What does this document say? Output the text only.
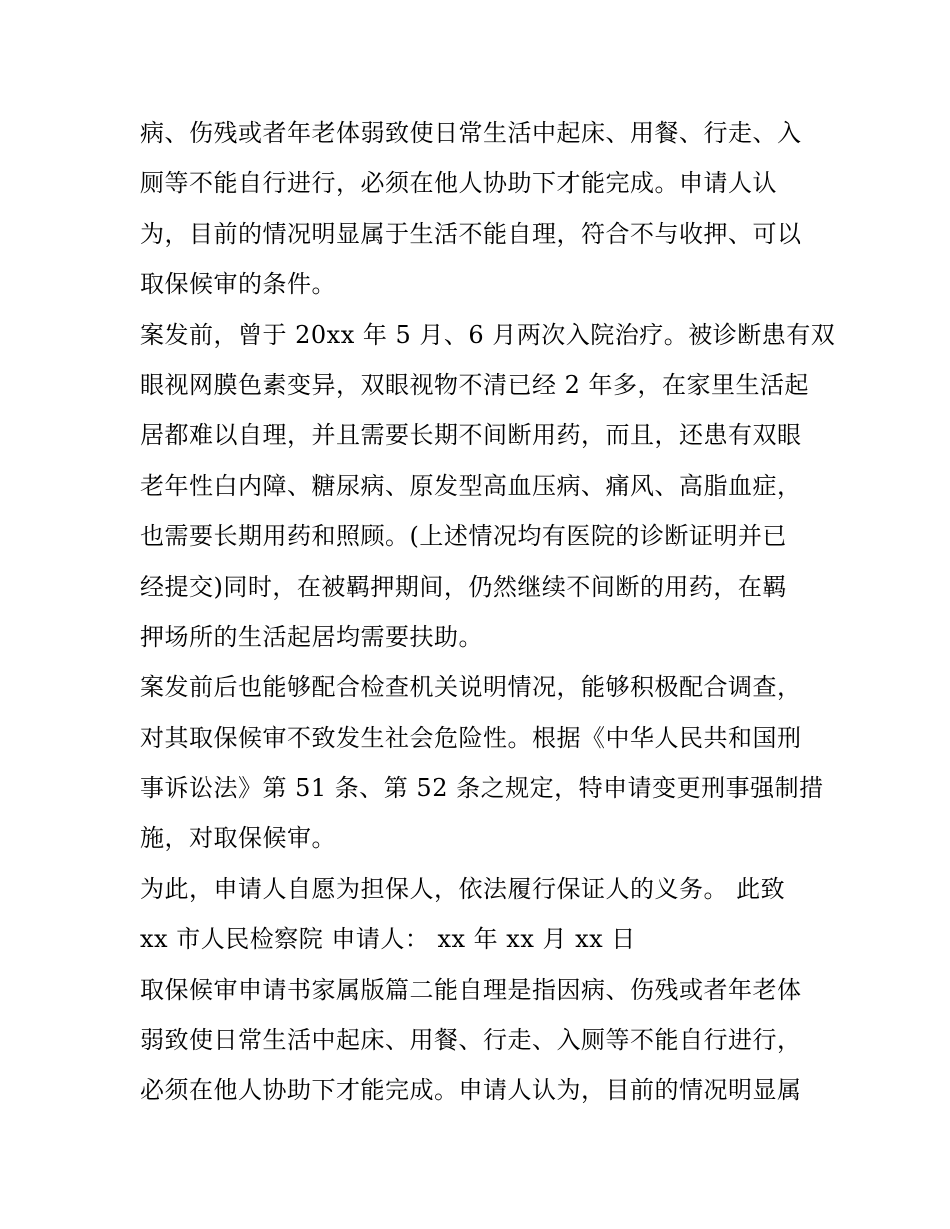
病、伤残或者年老体弱致使日常生活中起床、用餐、行走、入
厕等不能自行进行，必须在他人协助下才能完成。申请人认
为，目前的情况明显属于生活不能自理，符合不与收押、可以
取保候审的条件。
案发前，曾于 20xx 年 5 月、6 月两次入院治疗。被诊断患有双
眼视网膜色素变异，双眼视物不清已经 2 年多，在家里生活起
居都难以自理，并且需要长期不间断用药，而且，还患有双眼
老年性白内障、糖尿病、原发型高血压病、痛风、高脂血症，
也需要长期用药和照顾。(上述情况均有医院的诊断证明并已
经提交)同时，在被羁押期间，仍然继续不间断的用药，在羁
押场所的生活起居均需要扶助。
案发前后也能够配合检查机关说明情况，能够积极配合调查，
对其取保候审不致发生社会危险性。根据《中华人民共和国刑
事诉讼法》第 51 条、第 52 条之规定，特申请变更刑事强制措
施，对取保候审。
为此，申请人自愿为担保人，依法履行保证人的义务。 此致
xx 市人民检察院 申请人： xx 年 xx 月 xx 日
取保候审申请书家属版篇二能自理是指因病、伤残或者年老体
弱致使日常生活中起床、用餐、行走、入厕等不能自行进行，
必须在他人协助下才能完成。申请人认为，目前的情况明显属
